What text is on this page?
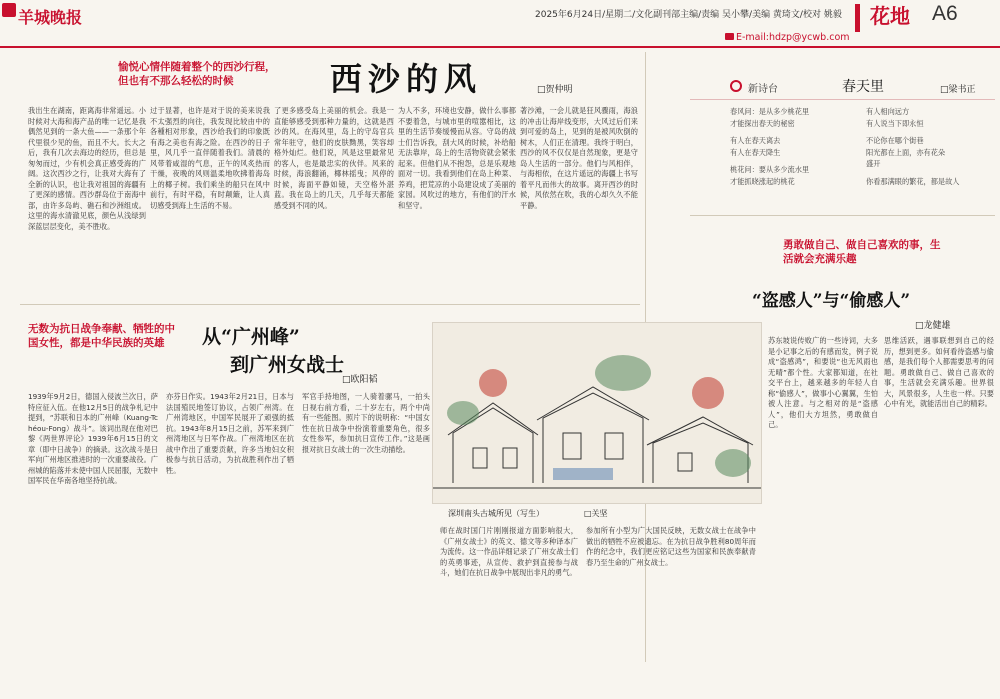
羊城晚报	2025年6月24日/星期二/文化副刊部主编/责编 吴小攀/美编 黄琦文/校对 姚毅
E-mail:hdzp@ycwb.com
花地 A6
愉悦心情伴随着整个的西沙行程，但也有不那么轻松的时候	西沙的风	□贺仲明
我出生在湖南，距离海非常遥远。小时候对大海和海产品的唯一记忆是我偶然见到的一条大鱼——一条那个年代里很少见的鱼，而且不大。长大之后，我有几次去海边的经历，但总是匆匆而过，少有机会真正感受海的广阔。这次西沙之行，让我对大海有了全新的认识，也让我对祖国的海疆有了更深的感情。西沙群岛位于南海中部，由许多岛屿、礁石和沙洲组成。这里的海水清澈见底，颜色从浅绿到深蓝层层变化，美不胜收。
过于显著，也许是对于说的美来说我不太强烈的向往，我发现比较由中的各種相对形象，西沙给我们的印象既有海之美也有海之险。在西沙的日子里，风几乎一直伴随着我们。清晨的风带着咸湿的气息，正午的风炙热而干燥，夜晚的风则温柔地吹拂着海岛上的椰子树。我们乘坐的船只在风中前行，有时平稳，有时颠簸，让人真切感受到海上生活的不易。
了更多感受岛上美丽的机会。我是一直能够感受到那种力量的，这就是西沙的风。在海风里，岛上的守岛官兵常年驻守，他们的皮肤黝黑，笑容却格外灿烂。他们说，风是这里最常见的客人，也是最忠实的伙伴。风来的时候，海浪翻涌，椰林摇曳；风停的时候，海面平静如镜，天空格外湛蓝。我在岛上的几天，几乎每天都能感受到不同的风。
为人不多，环境也安静，做什么事都不要着急，与城市里的喧嚣相比，这里的生活节奏缓慢而从容。守岛的战士们告诉我，刮大风的时候，补给船无法靠岸，岛上的生活物资就会紧张起来。但他们从不抱怨，总是乐观地面对一切。我看到他们在岛上种菜、养鸡，把荒凉的小岛建设成了美丽的家园。风吹过的地方，有他们的汗水和坚守。
著沙滩，一会儿就是狂风骤雨，海浪的冲击让海岸线变形，大风过后们来到可爱的岛上，见到的是被风吹倒的树木，人们正在清理。我终于明白，西沙的风不仅仅是自然现象，更是守岛人生活的一部分。他们与风相伴，与海相依，在这片遥远的海疆上书写着平凡而伟大的故事。离开西沙的时候，风依然在吹，我的心却久久不能平静。
新诗台	春天里	□梁书正
春风问：是从多少桃花里
才能探出春天的秘密
有人在春天离去
有人在春天降生
桃花问：要从多少流水里
才能抓晓涨起的桃花
有人相向远方
有人说当下即永恒
不论你在哪个街巷
阳光都在上面，亦有花朵
盛开
你看那满眼的繁花，都是故人
勇敢做自己、做自己喜欢的事，生活就会充满乐趣
“盗感人”与“偷感人”
□龙健雄
苏东坡说传败广的一些诗词，大多是小记事之后的有感而发，例子说成“盗感鸿”，和要说“也无风雨也无晴”都个性。大家都知道，在社交平台上，越来越多的年轻人自称“偷感人”，做事小心翼翼，生怕被人注意。与之相对的是“盗感人”，他们大方坦然，勇敢做自己。
思维活跃，遇事联想到自己的经历，想到更多。如何看待盗感与偷感，是我们每个人都需要思考的问题。勇敢做自己、做自己喜欢的事，生活就会充满乐趣。世界很大，风景很多，人生也一样。只要心中有光，就能活出自己的精彩。
无数为抗日战争奉献、牺牲的中国女性，都是中华民族的英雄	从“广州峰”
到广州女战士
□欧阳韬
1939年9月2日，德国入侵波兰次日，萨特应征入伍。在他12月5日的战争札记中提到，“苏联和日本的广州峰（Kuang-Tchéou-Fong）战斗”。该词出现在他对巴黎《两世界评论》1939年6月15日的文章（即中日战争）的摘录。这次战斗是日军向广州地区推进时的一次重要战役。广州城的陷落并未使中国人民屈服，无数中国军民在华南各地坚持抗战。
亦芬日作实。1943年2月21日，日本与法国殖民地签订协议，占领广州湾。在广州湾地区，中国军民展开了顽强的抵抗。1943年8月15日之前，苏军来到广州湾地区与日军作战。广州湾地区在抗战中作出了重要贡献，许多当地妇女积极参与抗日活动，为抗战胜利作出了牺牲。
军官手持地图，一人骑着骡马，一拍头日视右前方看，二十岁左右，两个中尚有一些能图。照片下的说明称：“中国女性在抗日战争中扮演着重要角色，很多女性参军，参加抗日宣传工作。”这是画报对抗日女战士的一次生动描绘。
师在战时国门片刚刚报道方面影响很大，《广州女战士》的英文、德文等多种译本广为流传。这一作品详细记录了广州女战士们的英勇事迹，从宣传、救护到直接参与战斗，她们在抗日战争中展现出非凡的勇气。
参加所有小型为广大国民反映，无数女战士在战争中做出的牺牲不应被遗忘。在为抗日战争胜利80周年而作的纪念中，我们更应铭记这些为国家和民族奉献青春乃至生命的广州女战士。
深圳南头古城所见（写生）	□关坚
